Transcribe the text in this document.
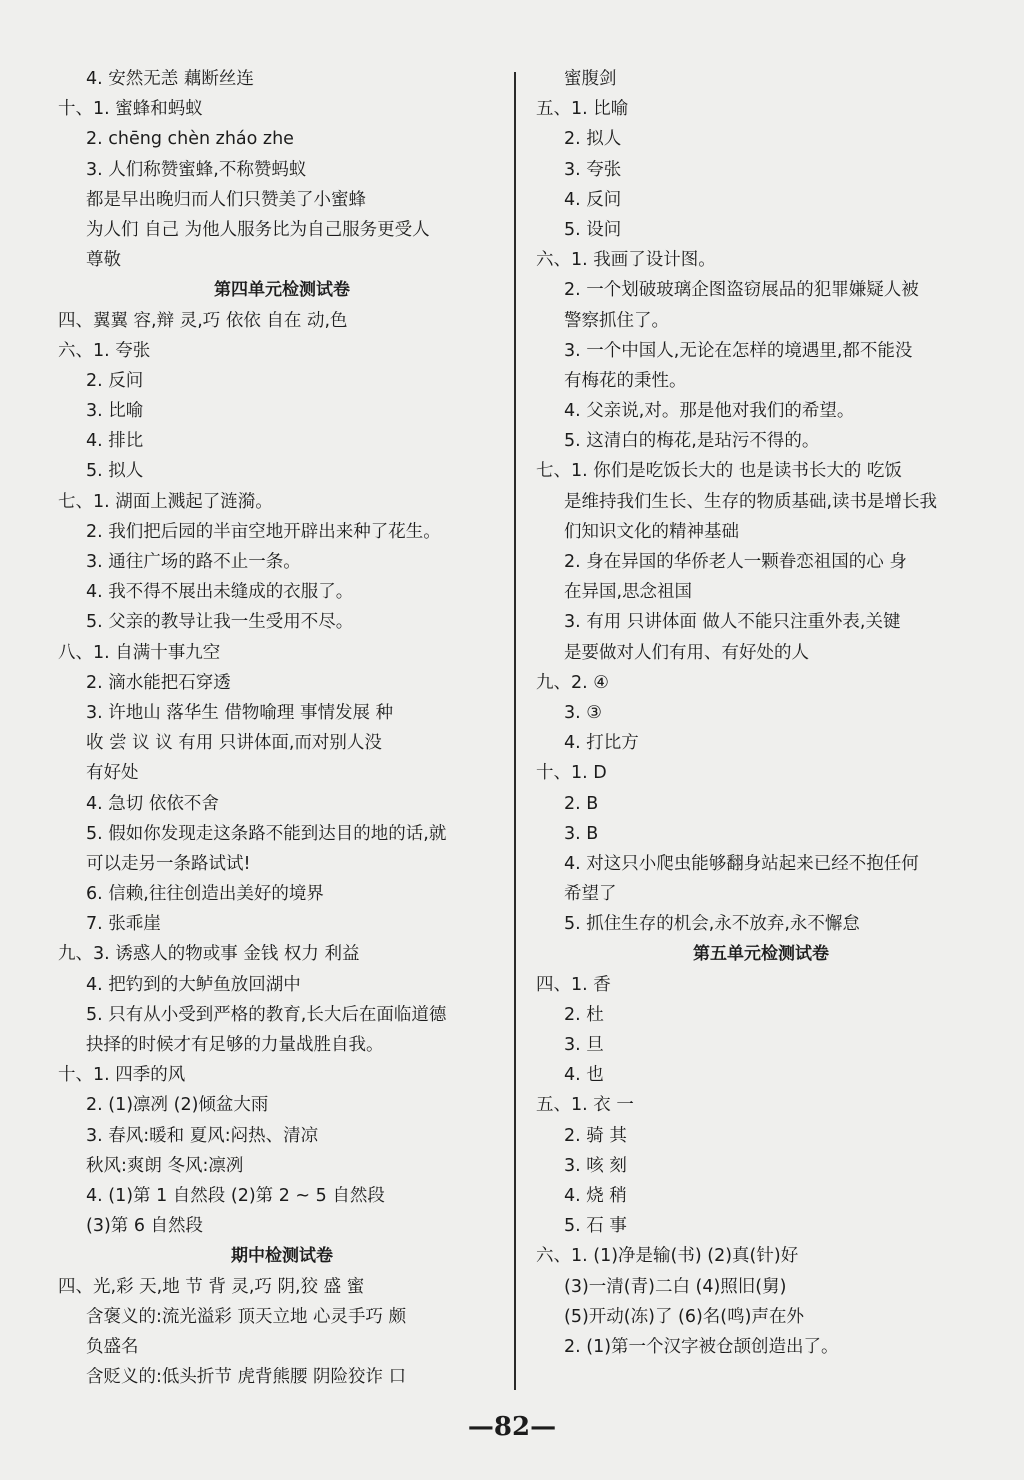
4. 安然无恙 藕断丝连
十、1. 蜜蜂和蚂蚁
2. chēng chèn zháo zhe
3. 人们称赞蜜蜂,不称赞蚂蚁
都是早出晚归而人们只赞美了小蜜蜂
为人们 自己 为他人服务比为自己服务更受人
尊敬
第四单元检测试卷
四、翼翼 容,辩 灵,巧 依依 自在 动,色
六、1. 夸张
2. 反问
3. 比喻
4. 排比
5. 拟人
七、1. 湖面上溅起了涟漪。
2. 我们把后园的半亩空地开辟出来种了花生。
3. 通往广场的路不止一条。
4. 我不得不展出未缝成的衣服了。
5. 父亲的教导让我一生受用不尽。
八、1. 自满十事九空
2. 滴水能把石穿透
3. 许地山 落华生 借物喻理 事情发展 种
收 尝 议 议 有用 只讲体面,而对别人没
有好处
4. 急切 依依不舍
5. 假如你发现走这条路不能到达目的地的话,就
可以走另一条路试试!
6. 信赖,往往创造出美好的境界
7. 张乖崖
九、3. 诱惑人的物或事 金钱 权力 利益
4. 把钓到的大鲈鱼放回湖中
5. 只有从小受到严格的教育,长大后在面临道德
抉择的时候才有足够的力量战胜自我。
十、1. 四季的风
2. (1)凛冽 (2)倾盆大雨
3. 春风:暖和 夏风:闷热、清凉
秋风:爽朗 冬风:凛冽
4. (1)第 1 自然段 (2)第 2 ~ 5 自然段
(3)第 6 自然段
期中检测试卷
四、光,彩 天,地 节 背 灵,巧 阴,狡 盛 蜜
含褒义的:流光溢彩 顶天立地 心灵手巧 颇
负盛名
含贬义的:低头折节 虎背熊腰 阴险狡诈 口
蜜腹剑
五、1. 比喻
2. 拟人
3. 夸张
4. 反问
5. 设问
六、1. 我画了设计图。
2. 一个划破玻璃企图盗窃展品的犯罪嫌疑人被
警察抓住了。
3. 一个中国人,无论在怎样的境遇里,都不能没
有梅花的秉性。
4. 父亲说,对。那是他对我们的希望。
5. 这清白的梅花,是玷污不得的。
七、1. 你们是吃饭长大的 也是读书长大的 吃饭
是维持我们生长、生存的物质基础,读书是增长我
们知识文化的精神基础
2. 身在异国的华侨老人一颗眷恋祖国的心 身
在异国,思念祖国
3. 有用 只讲体面 做人不能只注重外表,关键
是要做对人们有用、有好处的人
九、2. ④
3. ③
4. 打比方
十、1. D
2. B
3. B
4. 对这只小爬虫能够翻身站起来已经不抱任何
希望了
5. 抓住生存的机会,永不放弃,永不懈怠
第五单元检测试卷
四、1. 香
2. 杜
3. 旦
4. 也
五、1. 衣 一
2. 骑 其
3. 咳 刻
4. 烧 稍
5. 石 事
六、1. (1)净是输(书) (2)真(针)好
(3)一清(青)二白 (4)照旧(舅)
(5)开动(冻)了 (6)名(鸣)声在外
2. (1)第一个汉字被仓颉创造出了。
—82—
